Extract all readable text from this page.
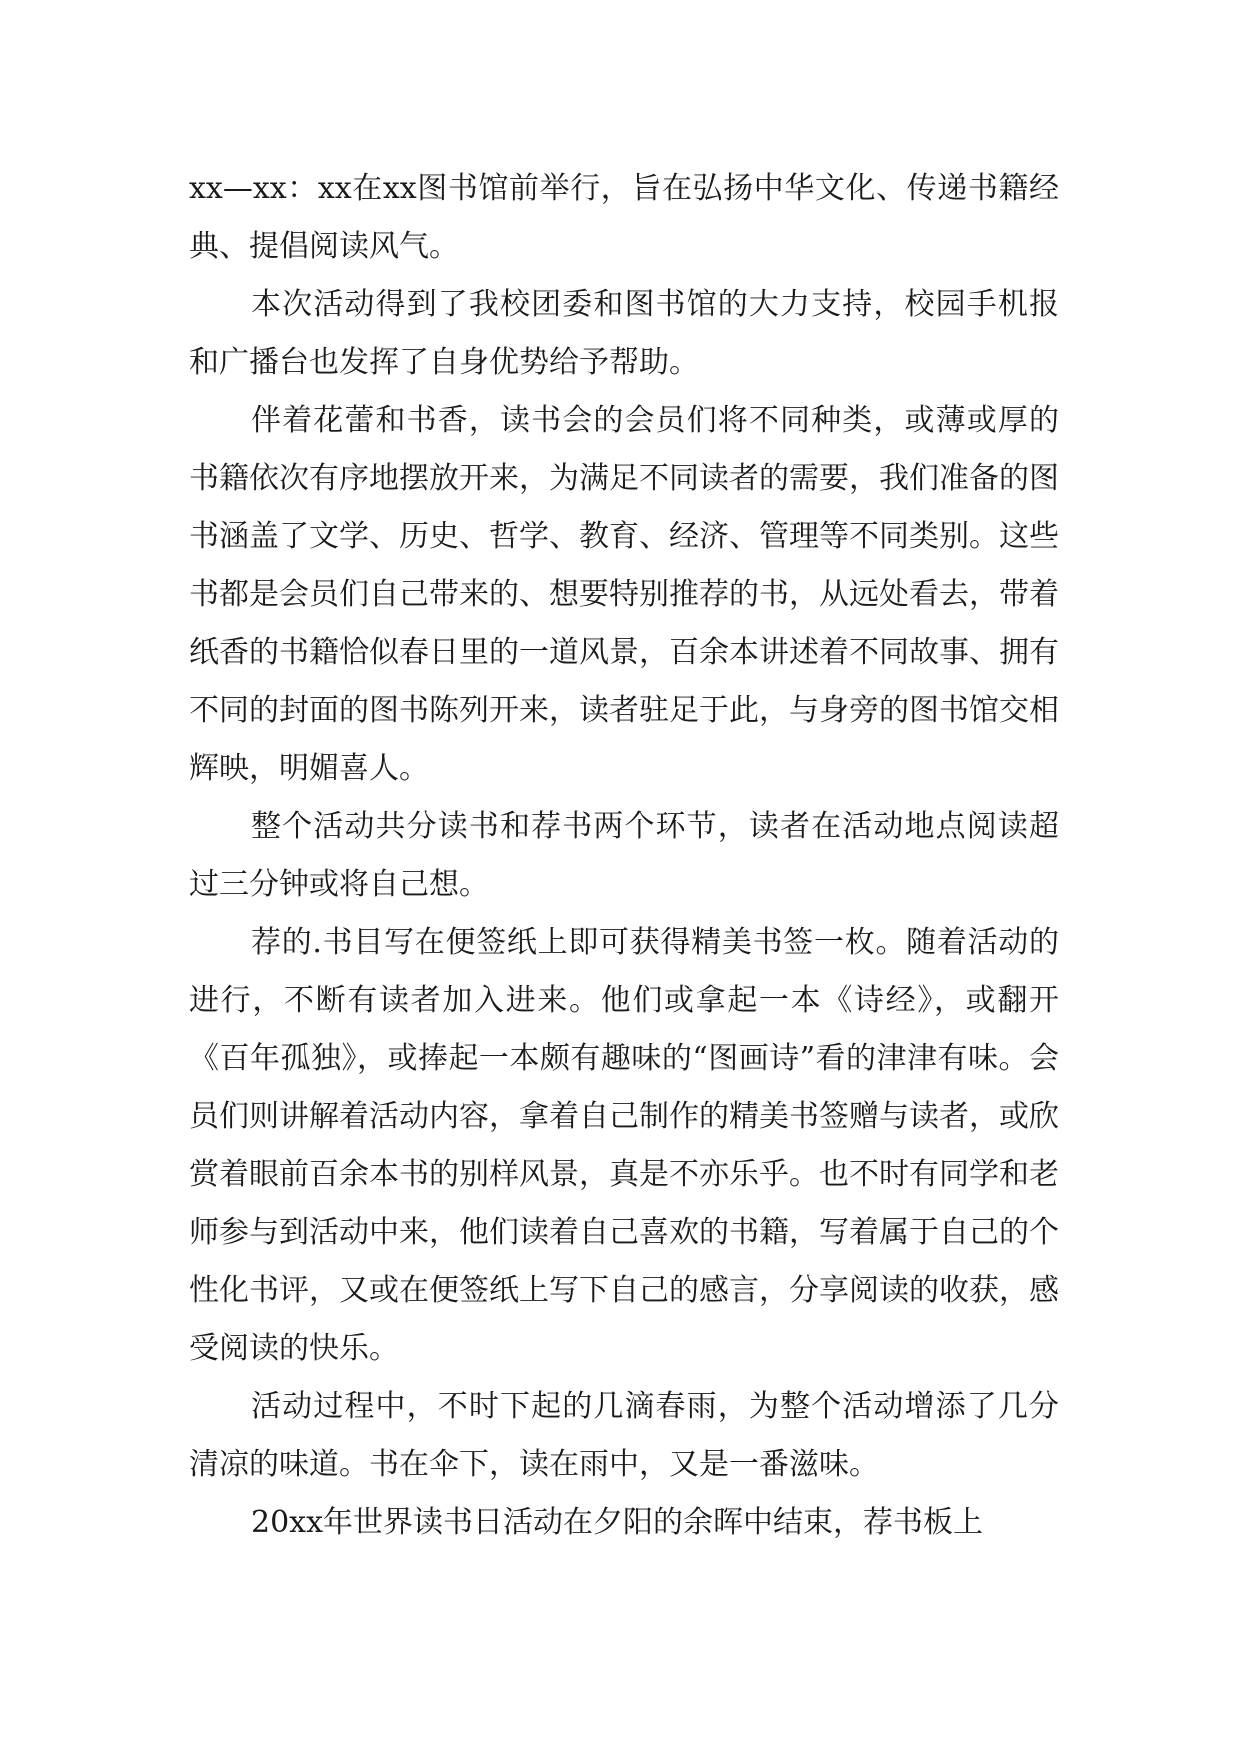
xx—xx：xx在xx图书馆前举行，旨在弘扬中华文化、传递书籍经典、提倡阅读风气。

本次活动得到了我校团委和图书馆的大力支持，校园手机报和广播台也发挥了自身优势给予帮助。

伴着花蕾和书香，读书会的会员们将不同种类，或薄或厚的书籍依次有序地摆放开来，为满足不同读者的需要，我们准备的图书涵盖了文学、历史、哲学、教育、经济、管理等不同类别。这些书都是会员们自己带来的、想要特别推荐的书，从远处看去，带着纸香的书籍恰似春日里的一道风景，百余本讲述着不同故事、拥有不同的封面的图书陈列开来，读者驻足于此，与身旁的图书馆交相辉映，明媚喜人。

整个活动共分读书和荐书两个环节，读者在活动地点阅读超过三分钟或将自己想。

荐的.书目写在便签纸上即可获得精美书签一枚。随着活动的进行，不断有读者加入进来。他们或拿起一本《诗经》，或翻开《百年孤独》，或捧起一本颇有趣味的“图画诗”看的津津有味。会员们则讲解着活动内容，拿着自己制作的精美书签赠与读者，或欣赏着眼前百余本书的别样风景，真是不亦乐乎。也不时有同学和老师参与到活动中来，他们读着自己喜欢的书籍，写着属于自己的个性化书评，又或在便签纸上写下自己的感言，分享阅读的收获，感受阅读的快乐。

活动过程中，不时下起的几滴春雨，为整个活动增添了几分清凉的味道。书在伞下，读在雨中，又是一番滋味。

20xx年世界读书日活动在夕阳的余晖中结束，荐书板上
